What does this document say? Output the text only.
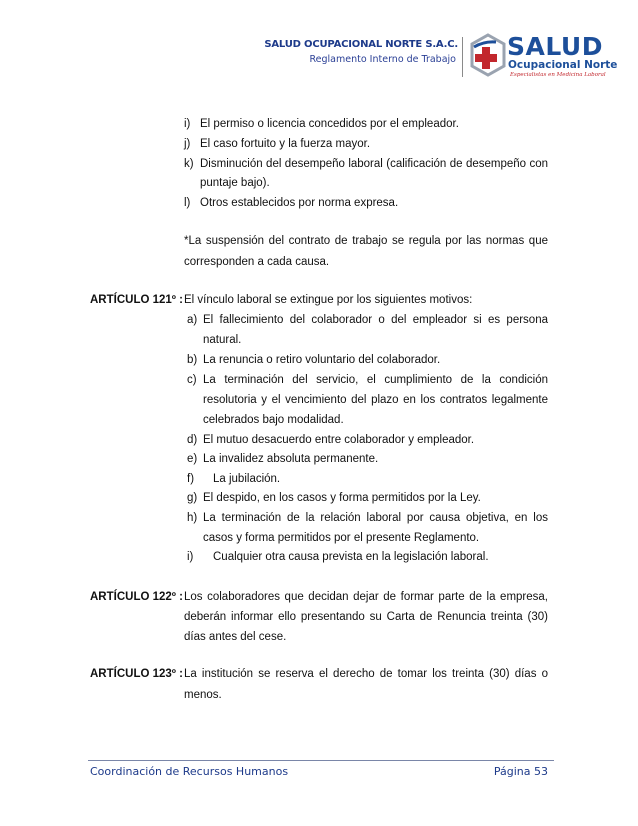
SALUD OCUPACIONAL NORTE S.A.C.
Reglamento Interno de Trabajo SALUD
Ocupacional Norte
Especialistas en Medicina Laboral
i) El permiso o licencia concedidos por el empleador.
j) El caso fortuito y la fuerza mayor.
k) Disminución del desempeño laboral (calificación de desempeño con
puntaje bajo).
l) Otros establecidos por norma expresa.
*La suspensión del contrato de trabajo se regula por las normas que
corresponden a cada causa.
ARTÍCULO 121º : El vínculo laboral se extingue por los siguientes motivos:
a) El fallecimiento del colaborador o del empleador si es persona
natural.
b) La renuncia o retiro voluntario del colaborador.
c) La terminación del servicio, el cumplimiento de la condición
resolutoria y el vencimiento del plazo en los contratos legalmente
celebrados bajo modalidad.
d) El mutuo desacuerdo entre colaborador y empleador.
e) La invalidez absoluta permanente.
f) La jubilación.
g) El despido, en los casos y forma permitidos por la Ley.
h) La terminación de la relación laboral por causa objetiva, en los
casos y forma permitidos por el presente Reglamento.
i) Cualquier otra causa prevista en la legislación laboral.
ARTÍCULO 122º : Los colaboradores que decidan dejar de formar parte de la empresa,
deberán informar ello presentando su Carta de Renuncia treinta (30)
días antes del cese.
ARTÍCULO 123º : La institución se reserva el derecho de tomar los treinta (30) días o
menos.
Coordinación de Recursos Humanos	Página 53
